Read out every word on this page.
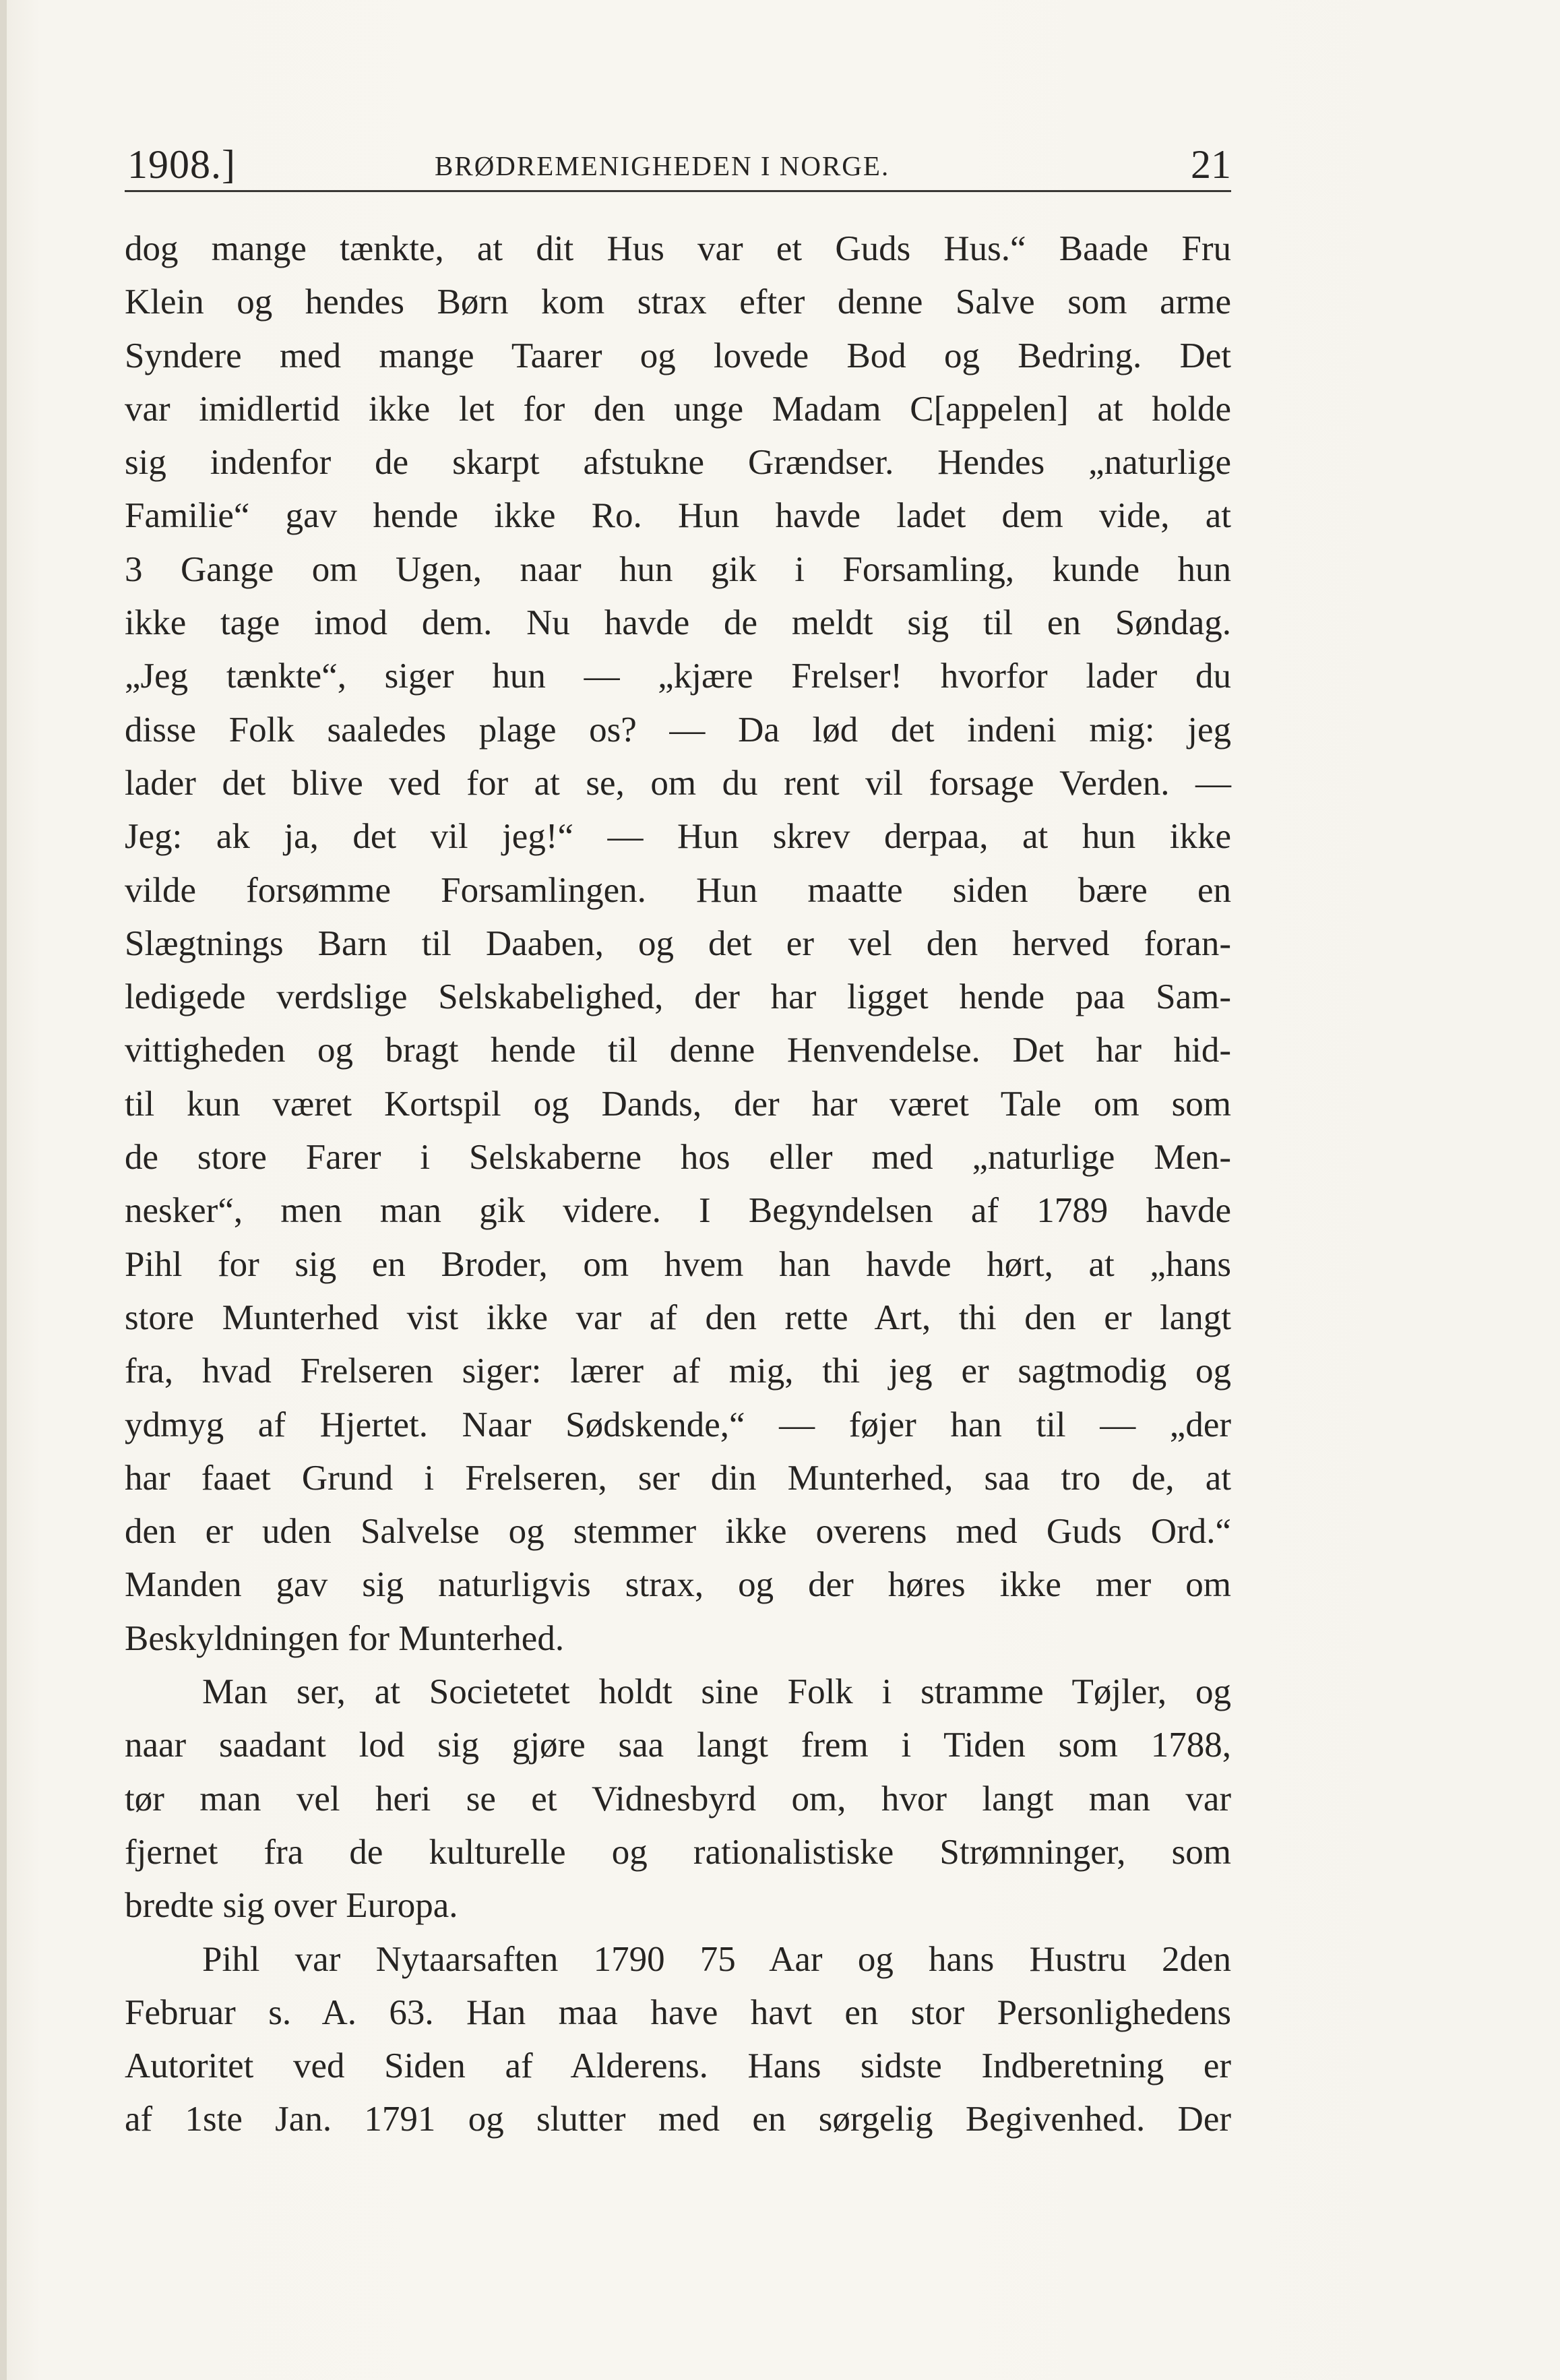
1908.]	BRØDREMENIGHEDEN I NORGE.	21
dog mange tænkte, at dit Hus var et Guds Hus.“ Baade Fru
Klein og hendes Børn kom strax efter denne Salve som arme
Syndere med mange Taarer og lovede Bod og Bedring. Det
var imidlertid ikke let for den unge Madam C[appelen] at holde
sig indenfor de skarpt afstukne Grændser. Hendes „naturlige
Familie“ gav hende ikke Ro. Hun havde ladet dem vide, at
3 Gange om Ugen, naar hun gik i Forsamling, kunde hun
ikke tage imod dem. Nu havde de meldt sig til en Søndag.
„Jeg tænkte“, siger hun — „kjære Frelser! hvorfor lader du
disse Folk saaledes plage os? — Da lød det indeni mig: jeg
lader det blive ved for at se, om du rent vil forsage Verden. —
Jeg: ak ja, det vil jeg!“ — Hun skrev derpaa, at hun ikke
vilde forsømme Forsamlingen. Hun maatte siden bære en
Slægtnings Barn til Daaben, og det er vel den herved foran-
ledigede verdslige Selskabelighed, der har ligget hende paa Sam-
vittigheden og bragt hende til denne Henvendelse. Det har hid-
til kun været Kortspil og Dands, der har været Tale om som
de store Farer i Selskaberne hos eller med „naturlige Men-
nesker“, men man gik videre. I Begyndelsen af 1789 havde
Pihl for sig en Broder, om hvem han havde hørt, at „hans
store Munterhed vist ikke var af den rette Art, thi den er langt
fra, hvad Frelseren siger: lærer af mig, thi jeg er sagtmodig og
ydmyg af Hjertet. Naar Sødskende,“ — føjer han til — „der
har faaet Grund i Frelseren, ser din Munterhed, saa tro de, at
den er uden Salvelse og stemmer ikke overens med Guds Ord.“
Manden gav sig naturligvis strax, og der høres ikke mer om
Beskyldningen for Munterhed.
Man ser, at Societetet holdt sine Folk i stramme Tøjler, og
naar saadant lod sig gjøre saa langt frem i Tiden som 1788,
tør man vel heri se et Vidnesbyrd om, hvor langt man var
fjernet fra de kulturelle og rationalistiske Strømninger, som
bredte sig over Europa.
Pihl var Nytaarsaften 1790 75 Aar og hans Hustru 2den
Februar s. A. 63. Han maa have havt en stor Personlighedens
Autoritet ved Siden af Alderens. Hans sidste Indberetning er
af 1ste Jan. 1791 og slutter med en sørgelig Begivenhed. Der
